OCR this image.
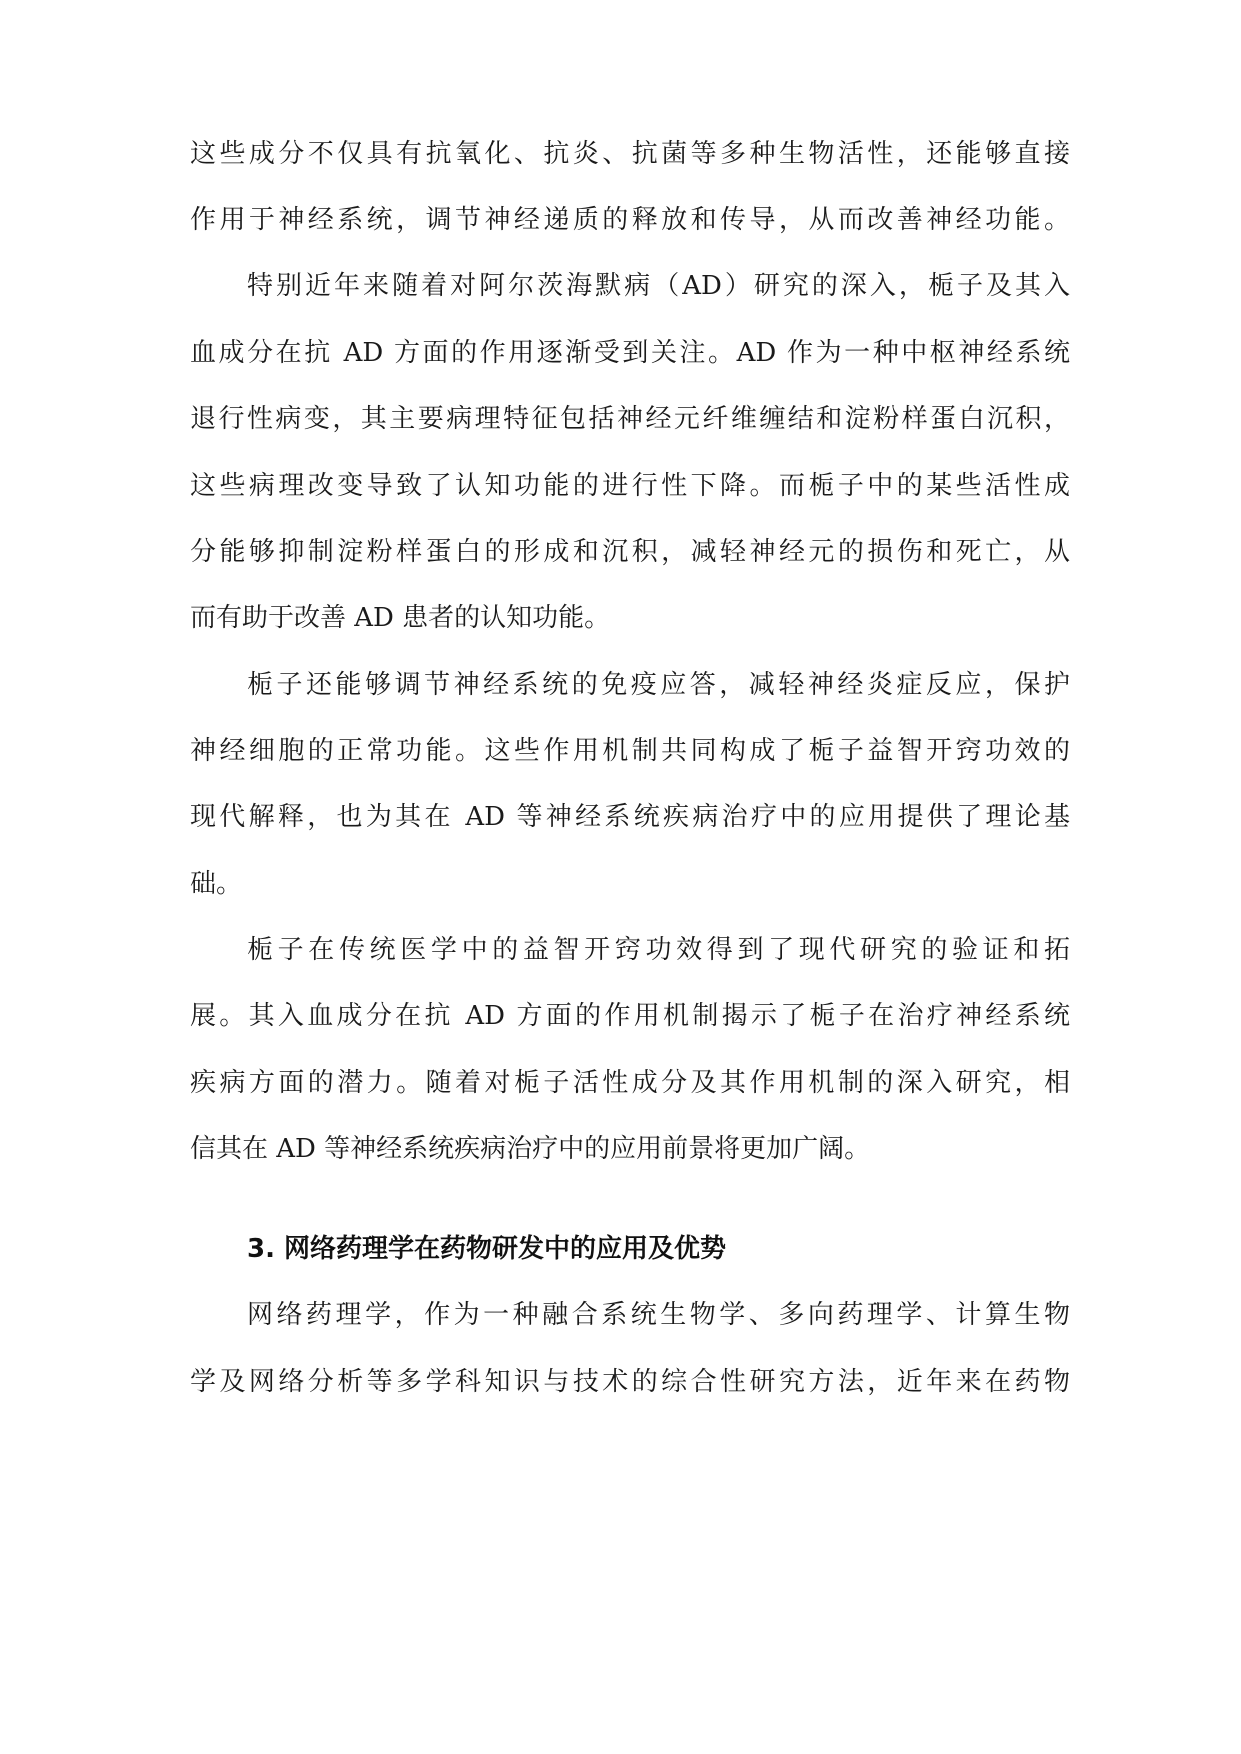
这些成分不仅具有抗氧化、抗炎、抗菌等多种生物活性，还能够直接
作用于神经系统，调节神经递质的释放和传导，从而改善神经功能。
特别近年来随着对阿尔茨海默病（AD）研究的深入，栀子及其入
血成分在抗 AD 方面的作用逐渐受到关注。AD 作为一种中枢神经系统
退行性病变，其主要病理特征包括神经元纤维缠结和淀粉样蛋白沉积，
这些病理改变导致了认知功能的进行性下降。而栀子中的某些活性成
分能够抑制淀粉样蛋白的形成和沉积，减轻神经元的损伤和死亡，从
而有助于改善 AD 患者的认知功能。
栀子还能够调节神经系统的免疫应答，减轻神经炎症反应，保护
神经细胞的正常功能。这些作用机制共同构成了栀子益智开窍功效的
现代解释，也为其在 AD 等神经系统疾病治疗中的应用提供了理论基
础。
栀子在传统医学中的益智开窍功效得到了现代研究的验证和拓
展。其入血成分在抗 AD 方面的作用机制揭示了栀子在治疗神经系统
疾病方面的潜力。随着对栀子活性成分及其作用机制的深入研究，相
信其在 AD 等神经系统疾病治疗中的应用前景将更加广阔。
3. 网络药理学在药物研发中的应用及优势
网络药理学，作为一种融合系统生物学、多向药理学、计算生物
学及网络分析等多学科知识与技术的综合性研究方法，近年来在药物
